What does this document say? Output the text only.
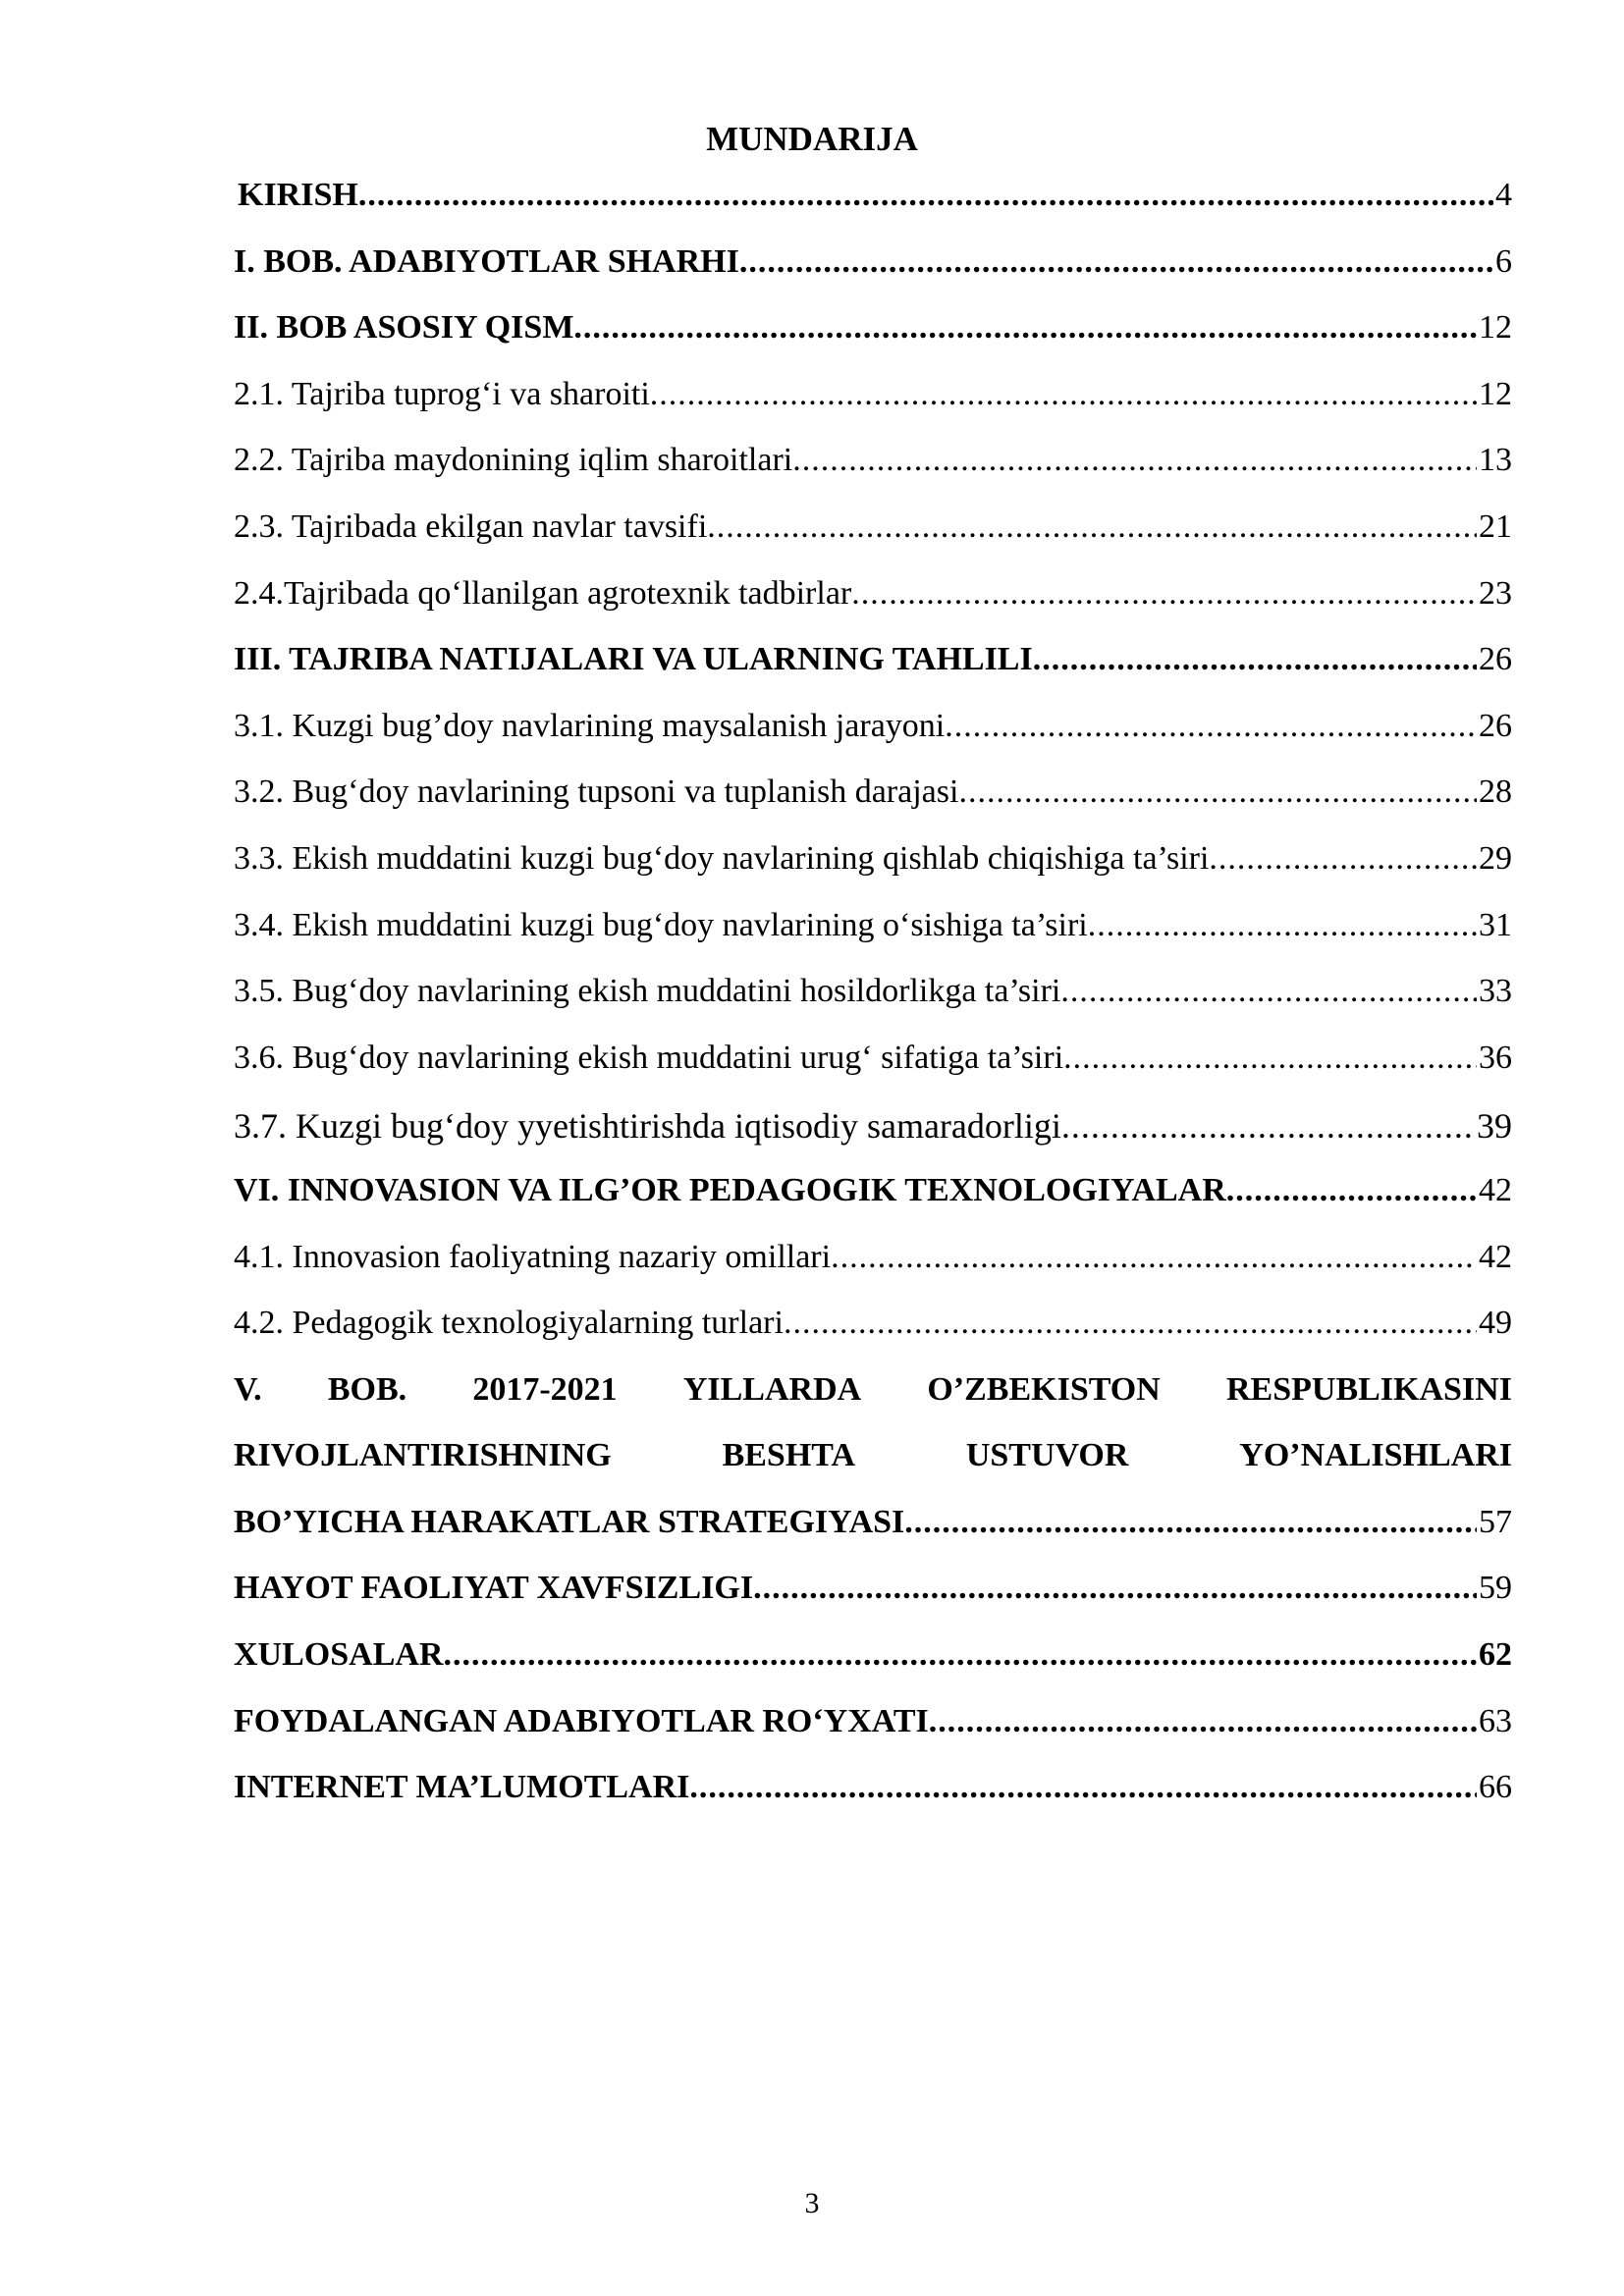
MUNDARIJA
KIRISH .....	4
I. BOB. ADABIYOTLAR SHARHI .....	6
II. BOB ASOSIY QISM .....	12
2.1. Tajriba tuprog‘i va sharoiti .....	12
2.2. Tajriba maydonining iqlim sharoitlari .....	13
2.3. Tajribada ekilgan navlar tavsifi .....	21
2.4.Tajribada qo‘llanilgan agrotexnik tadbirlar .....	23
III. TAJRIBA NATIJALARI VA ULARNING TAHLILI .....	26
3.1. Kuzgi bug’doy navlarining maysalanish jarayoni .....	26
3.2. Bug‘doy navlarining tupsoni va tuplanish darajasi .....	28
3.3. Ekish muddatini kuzgi bug‘doy navlarining qishlab chiqishiga ta’siri .....	29
3.4. Ekish muddatini kuzgi bug‘doy navlarining o‘sishiga ta’siri .....	31
3.5. Bug‘doy navlarining ekish muddatini hosildorlikga ta’siri .....	33
3.6. Bug‘doy navlarining ekish muddatini urug‘ sifatiga ta’siri .....	36
3.7. Kuzgi bug‘doy yyetishtirishda iqtisodiy samaradorligi .....	39
VI. INNOVASION VA ILG’OR PEDAGOGIK TEXNOLOGIYALAR .....	42
4.1. Innovasion faoliyatning nazariy omillari .....	42
4.2. Pedagogik texnologiyalarning turlari .....	49
V. BOB. 2017-2021 YILLARDA O’ZBEKISTON RESPUBLIKASINI
RIVOJLANTIRISHNING	BESHTA	USTUVOR	YO’NALISHLARI
BO’YICHA HARAKATLAR STRATEGIYASI .....	57
HAYOT FAOLIYAT XAVFSIZLIGI .....	59
XULOSALAR .....	62
FOYDALANGAN ADABIYOTLAR RO‘YXATI .....	63
INTERNET MA’LUMOTLARI .....	66
3
